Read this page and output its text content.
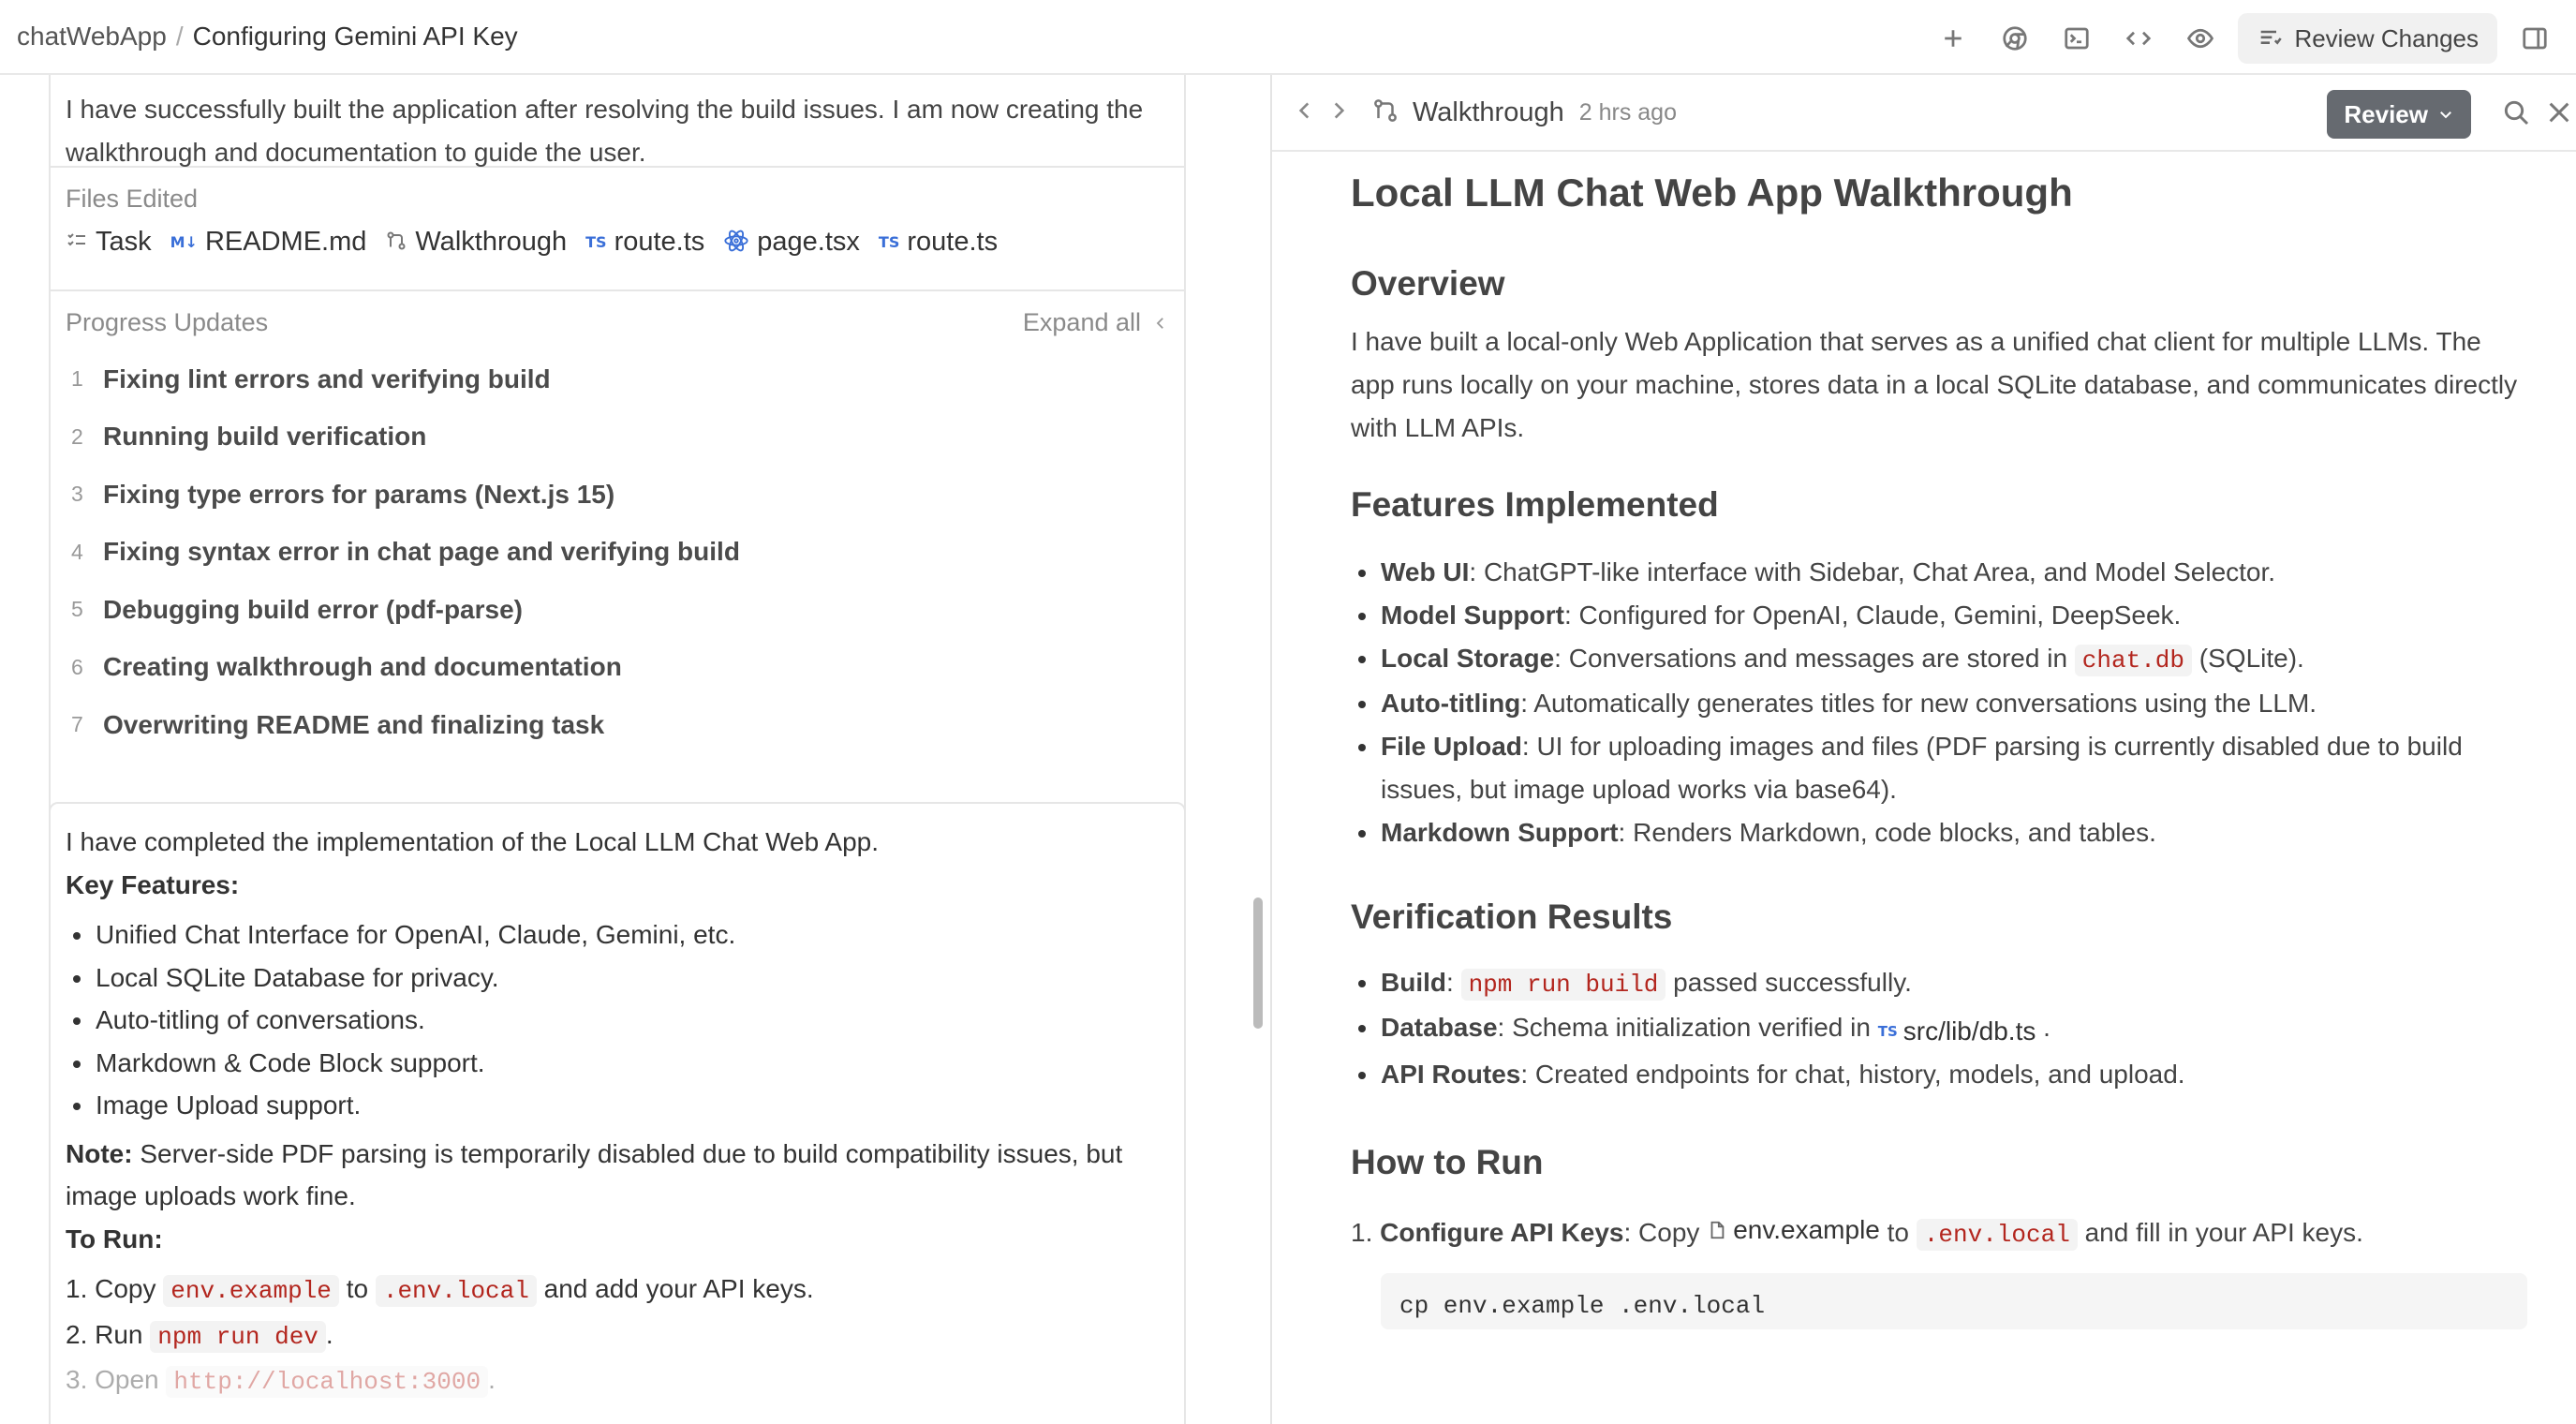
chatWebApp / Configuring Gemini API Key	Review Changes
I have successfully built the application after resolving the build issues. I am now creating the walkthrough and documentation to guide the user.
Files Edited
Task M↓ README.md Walkthrough TS route.ts page.tsx TS route.ts
Progress Updates	Expand all
1 Fixing lint errors and verifying build
2 Running build verification
3 Fixing type errors for params (Next.js 15)
4 Fixing syntax error in chat page and verifying build
5 Debugging build error (pdf-parse)
6 Creating walkthrough and documentation
7 Overwriting README and finalizing task
I have completed the implementation of the Local LLM Chat Web App.
Key Features:
Unified Chat Interface for OpenAI, Claude, Gemini, etc.
Local SQLite Database for privacy.
Auto-titling of conversations.
Markdown & Code Block support.
Image Upload support.
Note: Server-side PDF parsing is temporarily disabled due to build compatibility issues, but image uploads work fine.
To Run:
1. Copy env.example to .env.local and add your API keys.
2. Run npm run dev .
3. Open http://localhost:3000 .
Walkthrough 2 hrs ago	Review
Local LLM Chat Web App Walkthrough
Overview

I have built a local-only Web Application that serves as a unified chat client for multiple LLMs. The app runs locally on your machine, stores data in a local SQLite database, and communicates directly with LLM APIs.

Features Implemented
Web UI: ChatGPT-like interface with Sidebar, Chat Area, and Model Selector.
Model Support: Configured for OpenAI, Claude, Gemini, DeepSeek.
Local Storage: Conversations and messages are stored in chat.db (SQLite).
Auto-titling: Automatically generates titles for new conversations using the LLM.
File Upload: UI for uploading images and files (PDF parsing is currently disabled due to build issues, but image upload works via base64).
Markdown Support: Renders Markdown, code blocks, and tables.
Verification Results
Build: npm run build passed successfully.
Database: Schema initialization verified in TS src/lib/db.ts .
API Routes: Created endpoints for chat, history, models, and upload.
How to Run
1. Configure API Keys: Copy env.example to .env.local and fill in your API keys.
cp env.example .env.local
